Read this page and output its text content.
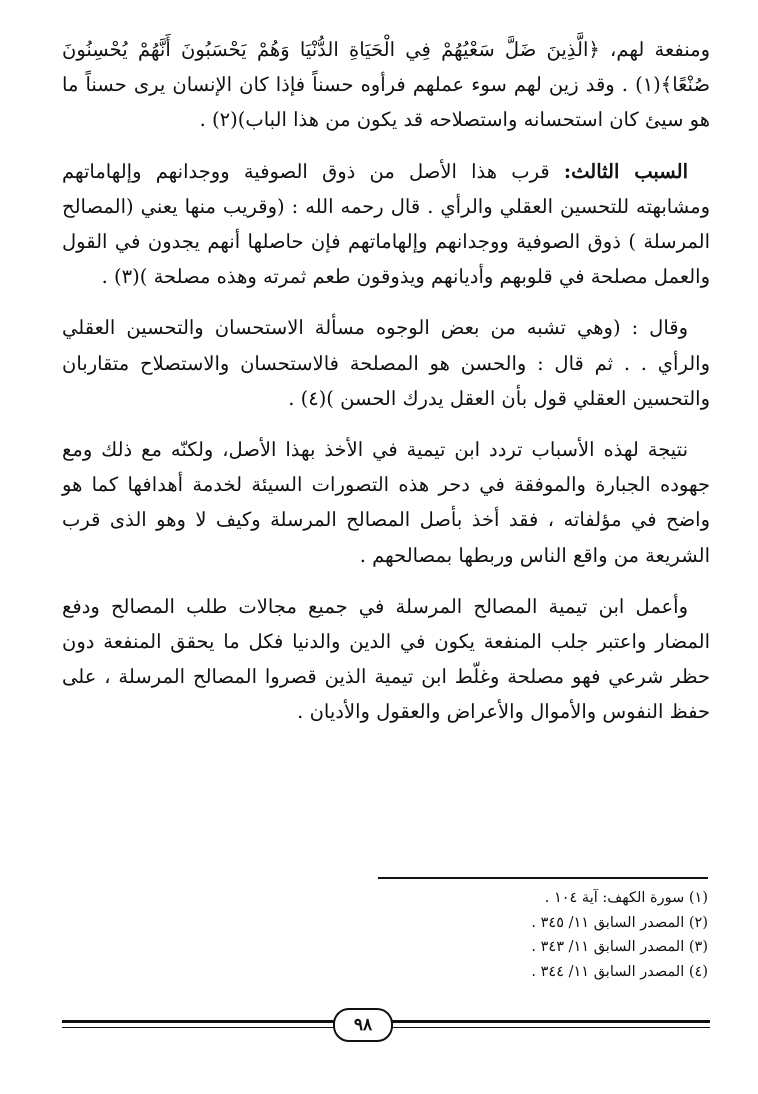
ومنفعة لهم، ﴿الَّذِينَ ضَلَّ سَعْيُهُمْ فِي الْحَيَاةِ الدُّنْيَا وَهُمْ يَحْسَبُونَ أَنَّهُمْ يُحْسِنُونَ صُنْعًا﴾(١) . وقد زين لهم سوء عملهم فرأوه حسناً فإذا كان الإنسان يرى حسناً ما هو سيئ كان استحسانه واستصلاحه قد يكون من هذا الباب)(٢) .

السبب الثالث: قرب هذا الأصل من ذوق الصوفية ووجدانهم وإلهاماتهم ومشابهته للتحسين العقلي والرأي . قال رحمه الله : (وقريب منها يعني (المصالح المرسلة ) ذوق الصوفية ووجدانهم وإلهاماتهم فإن حاصلها أنهم يجدون في القول والعمل مصلحة في قلوبهم وأديانهم ويذوقون طعم ثمرته وهذه مصلحة )(٣) .

وقال : (وهي تشبه من بعض الوجوه مسألة الاستحسان والتحسين العقلي والرأي . . ثم قال : والحسن هو المصلحة فالاستحسان والاستصلاح متقاربان والتحسين العقلي قول بأن العقل يدرك الحسن )(٤) .

نتيجة لهذه الأسباب تردد ابن تيمية في الأخذ بهذا الأصل، ولكنّه مع ذلك ومع جهوده الجبارة والموفقة في دحر هذه التصورات السيئة لخدمة أهدافها كما هو واضح في مؤلفاته ، فقد أخذ بأصل المصالح المرسلة وكيف لا وهو الذى قرب الشريعة من واقع الناس وربطها بمصالحهم .

وأعمل ابن تيمية المصالح المرسلة في جميع مجالات طلب المصالح ودفع المضار واعتبر جلب المنفعة يكون في الدين والدنيا فكل ما يحقق المنفعة دون حظر شرعي فهو مصلحة وغلّط ابن تيمية الذين قصروا المصالح المرسلة ، على حفظ النفوس والأموال والأعراض والعقول والأديان .

(١) سورة الكهف: آية ١٠٤ .
(٢) المصدر السابق ١١/ ٣٤٥ .
(٣) المصدر السابق ١١/ ٣٤٣ .
(٤) المصدر السابق ١١/ ٣٤٤ .
٩٨
